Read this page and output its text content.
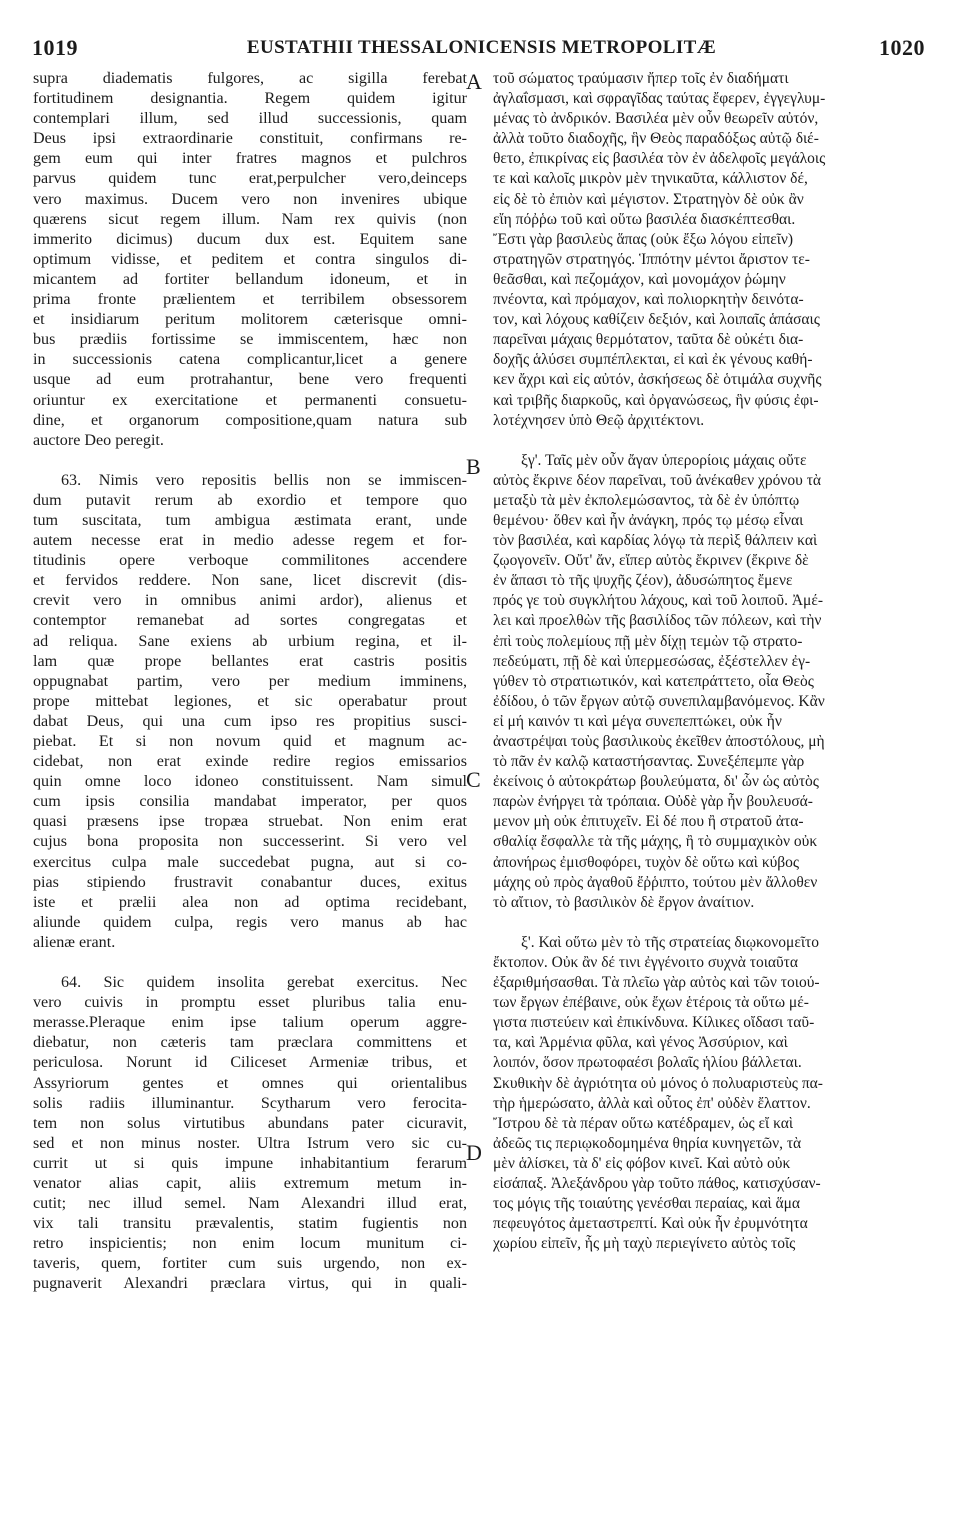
1019	EUSTATHII THESSALONICENSIS METROPOLITÆ	1020
supra diadematis fulgores, ac sigilla ferebat
fortitudinem designantia. Regem quidem igitur
contemplari illum, sed illud successionis, quam
Deus ipsi extraordinarie constituit, confirmans re-
gem eum qui inter fratres magnos et pulchros
parvus quidem tunc erat,perpulcher vero,deinceps
vero maximus. Ducem vero non invenires ubique
quærens sicut regem illum. Nam rex quivis (non
immerito dicimus) ducum dux est. Equitem sane
optimum vidisse, et peditem et contra singulos di-
micantem ad fortiter bellandum idoneum, et in
prima fronte prælientem et terribilem obsessorem
et insidiarum peritum molitorem cæterisque omni-
bus prædiis fortissime se immiscentem, hæc non
in successionis catena complicantur,licet a genere
usque ad eum protrahantur, bene vero frequenti
oriuntur ex exercitatione et permanenti consuetu-
dine, et organorum compositione,quam natura sub
auctore Deo peregit.
63. Nimis vero repositis bellis non se immiscen-
dum putavit rerum ab exordio et tempore quo
tum suscitata, tum ambigua æstimata erant, unde
autem necesse erat in medio adesse regem et for-
titudinis opere verboque commilitones accendere
et fervidos reddere. Non sane, licet discrevit (dis-
crevit vero in omnibus animi ardor), alienus et
contemptor remanebat ad sortes congregatas et
ad reliqua. Sane exiens ab urbium regina, et il-
lam quæ prope bellantes erat castris positis
oppugnabat partim, vero per medium imminens,
prope mittebat legiones, et sic operabatur prout
dabat Deus, qui una cum ipso res propitius susci-
piebat. Et si non novum quid et magnum ac-
cidebat, non erat exinde redire regios emissarios
quin omne loco idoneo constituissent. Nam simul
cum ipsis consilia mandabat imperator, per quos
quasi præsens ipse tropæa struebat. Non enim erat
cujus bona proposita non successerint. Si vero vel
exercitus culpa male succedebat pugna, aut si co-
pias stipiendo frustravit conabantur duces, exitus
iste et prælii alea non ad optima recidebant,
aliunde quidem culpa, regis vero manus ab hac
alienæ erant.
64. Sic quidem insolita gerebat exercitus. Nec
vero cuivis in promptu esset pluribus talia enu-
merasse.Pleraque enim ipse talium operum aggre-
diebatur, non cæteris tam præclara committens et
periculosa. Norunt id Ciliceset Armeniæ tribus, et
Assyriorum gentes et omnes qui orientalibus
solis radiis illuminantur. Scytharum vero ferocita-
tem non solus virtutibus abundans pater cicuravit,
sed et non minus noster. Ultra Istrum vero sic cu-
currit ut si quis impune inhabitantium ferarum
venator alias capit, aliis extremum metum in-
cutit; nec illud semel. Nam Alexandri illud erat,
vix tali transitu prævalentis, statim fugientis non
retro inspicientis; non enim locum munitum ci-
taveris, quem, fortiter cum suis urgendo, non ex-
pugnaverit Alexandri præclara virtus, qui in quali-
τοῦ σώματος τραύμασιν ἤπερ τοῖς ἐν διαδήματι
ἀγλαΐσμασι, καὶ σφραγῖδας ταύτας ἔφερεν, ἐγγεγλυμ-
μένας τὸ ἀνδρικόν. Βασιλέα μὲν οὖν θεωρεῖν αὐτόν,
ἀλλὰ τοῦτο διαδοχῆς, ἣν Θεὸς παραδόξως αὐτῷ διέ-
θετο, ἐπικρίνας εἰς βασιλέα τὸν ἐν ἀδελφοῖς μεγάλοις
τε καὶ καλοῖς μικρὸν μὲν τηνικαῦτα, κάλλιστον δέ,
εἰς δὲ τὸ ἐπιὸν καὶ μέγιστον. Στρατηγὸν δὲ οὐκ ἂν
εἴη πόῤῥω τοῦ καὶ οὕτω βασιλέα διασκέπτεσθαι.
Ἔστι γὰρ βασιλεὺς ἅπας (οὐκ ἔξω λόγου εἰπεῖν)
στρατηγῶν στρατηγός. Ἱππότην μέντοι ἄριστον τε-
θεᾶσθαι, καὶ πεζομάχον, καὶ μονομάχον ῥώμην
πνέοντα, καὶ πρόμαχον, καὶ πολιορκητὴν δεινότα-
τον, καὶ λόχους καθίζειν δεξιόν, καὶ λοιπαῖς ἁπάσαις
παρεῖναι μάχαις θερμότατον, ταῦτα δὲ οὐκέτι δια-
δοχῆς ἁλύσει συμπέπλεκται, εἰ καὶ ἐκ γένους καθή-
κεν ἄχρι καὶ εἰς αὐτόν, ἀσκήσεως δὲ ὁτιμάλα συχνῆς
καὶ τριβῆς διαρκοῦς, καὶ ὀργανώσεως, ἣν φύσις ἐφι-
λοτέχνησεν ὑπὸ Θεῷ ἀρχιτέκτονι.
ξγ'. Ταῖς μὲν οὖν ἄγαν ὑπερορίοις μάχαις οὔτε
αὐτὸς ἔκρινε δέον παρεῖναι, τοῦ ἀνέκαθεν χρόνου τὰ
μεταξὺ τὰ μὲν ἐκπολεμώσαντος, τὰ δὲ ἐν ὑπόπτῳ
θεμένου· ὅθεν καὶ ἦν ἀνάγκη, πρός τῳ μέσῳ εἶναι
τὸν βασιλέα, καὶ καρδίας λόγῳ τὰ περὶξ θάλπειν καὶ
ζῳογονεῖν. Οὔτ' ἄν, εἴπερ αὐτὸς ἔκρινεν (ἔκρινε δὲ
ἐν ἅπασι τὸ τῆς ψυχῆς ζέον), ἀδυσώπητος ἔμενε
πρός γε τοὺ συγκλήτου λάχους, καὶ τοῦ λοιποῦ. Ἀμέ-
λει καὶ προελθὼν τῆς βασιλίδος τῶν πόλεων, καὶ τὴν
ἐπὶ τοὺς πολεμίους πῇ μὲν δίχῃ τεμὼν τῷ στρατο-
πεδεύματι, πῇ δὲ καὶ ὑπερμεσώσας, ἐξέστελλεν ἐγ-
γύθεν τὸ στρατιωτικόν, καὶ κατεπράττετο, οἷα Θεὸς
ἐδίδου, ὁ τῶν ἔργων αὐτῷ συνεπιλαμβανόμενος. Κἂν
εἰ μή καινόν τι καὶ μέγα συνεπεπτώκει, οὐκ ἦν
ἀναστρέψαι τοὺς βασιλικοὺς ἐκεῖθεν ἀποστόλους, μὴ
τὸ πᾶν ἐν καλῷ καταστήσαντας. Συνεξέπεμπε γὰρ
ἐκείνοις ὁ αὐτοκράτωρ βουλεύματα, δι' ὧν ὡς αὐτὸς
παρὼν ἐνήργει τὰ τρόπαια. Οὐδὲ γὰρ ἦν βουλευσά-
μενον μὴ οὐκ ἐπιτυχεῖν. Εἰ δέ που ἢ στρατοῦ ἀτα-
σθαλίᾳ ἔσφαλλε τὰ τῆς μάχης, ἢ τὸ συμμαχικὸν οὐκ
ἀπονήρως ἐμισθοφόρει, τυχὸν δὲ οὕτω καὶ κύβος
μάχης οὐ πρὸς ἀγαθοῦ ἔῤῥιπτο, τούτου μὲν ἄλλοθεν
τὸ αἴτιον, τὸ βασιλικὸν δὲ ἔργον ἀναίτιον.
ξ'. Καὶ οὕτω μὲν τὸ τῆς στρατείας διῳκονομεῖτο
ἔκτοπον. Οὐκ ἂν δέ τινι ἐγγένοιτο συχνὰ τοιαῦτα
ἐξαριθμήσασθαι. Τὰ πλεῖω γὰρ αὐτὸς καὶ τῶν τοιού-
των ἔργων ἐπέβαινε, οὐκ ἔχων ἑτέροις τὰ οὕτω μέ-
γιστα πιστεύειν καὶ ἐπικίνδυνα. Κίλικες οἴδασι ταῦ-
τα, καὶ Ἀρμένια φῦλα, καὶ γένος Ἀσσύριον, καὶ
λοιπόν, ὅσον πρωτοφαέσι βολαῖς ἡλίου βάλλεται.
Σκυθικὴν δὲ ἀγριότητα οὐ μόνος ὁ πολυαριστεὺς πα-
τὴρ ἡμερώσατο, ἀλλὰ καὶ οὗτος ἐπ' οὐδὲν ἔλαττον.
Ἴστρου δὲ τὰ πέραν οὕτω κατέδραμεν, ὡς εἴ καὶ
ἀδεῶς τις περιῳκοδομημένα θηρία κυνηγετῶν, τὰ
μὲν ἁλίσκει, τὰ δ' εἰς φόβον κινεῖ. Καὶ αὐτὸ οὐκ
εἰσάπαξ. Ἀλεξάνδρου γὰρ τοῦτο πάθος, κατισχύσαν-
τος μόγις τῆς τοιαύτης γενέσθαι περαίας, καὶ ἅμα
πεφευγότος ἀμεταστρεπτί. Καὶ οὐκ ἦν ἐρυμνότητα
χωρίου εἰπεῖν, ἧς μὴ ταχὺ περιεγίνετο αὐτὸς τοῖς
A
B
C
D
